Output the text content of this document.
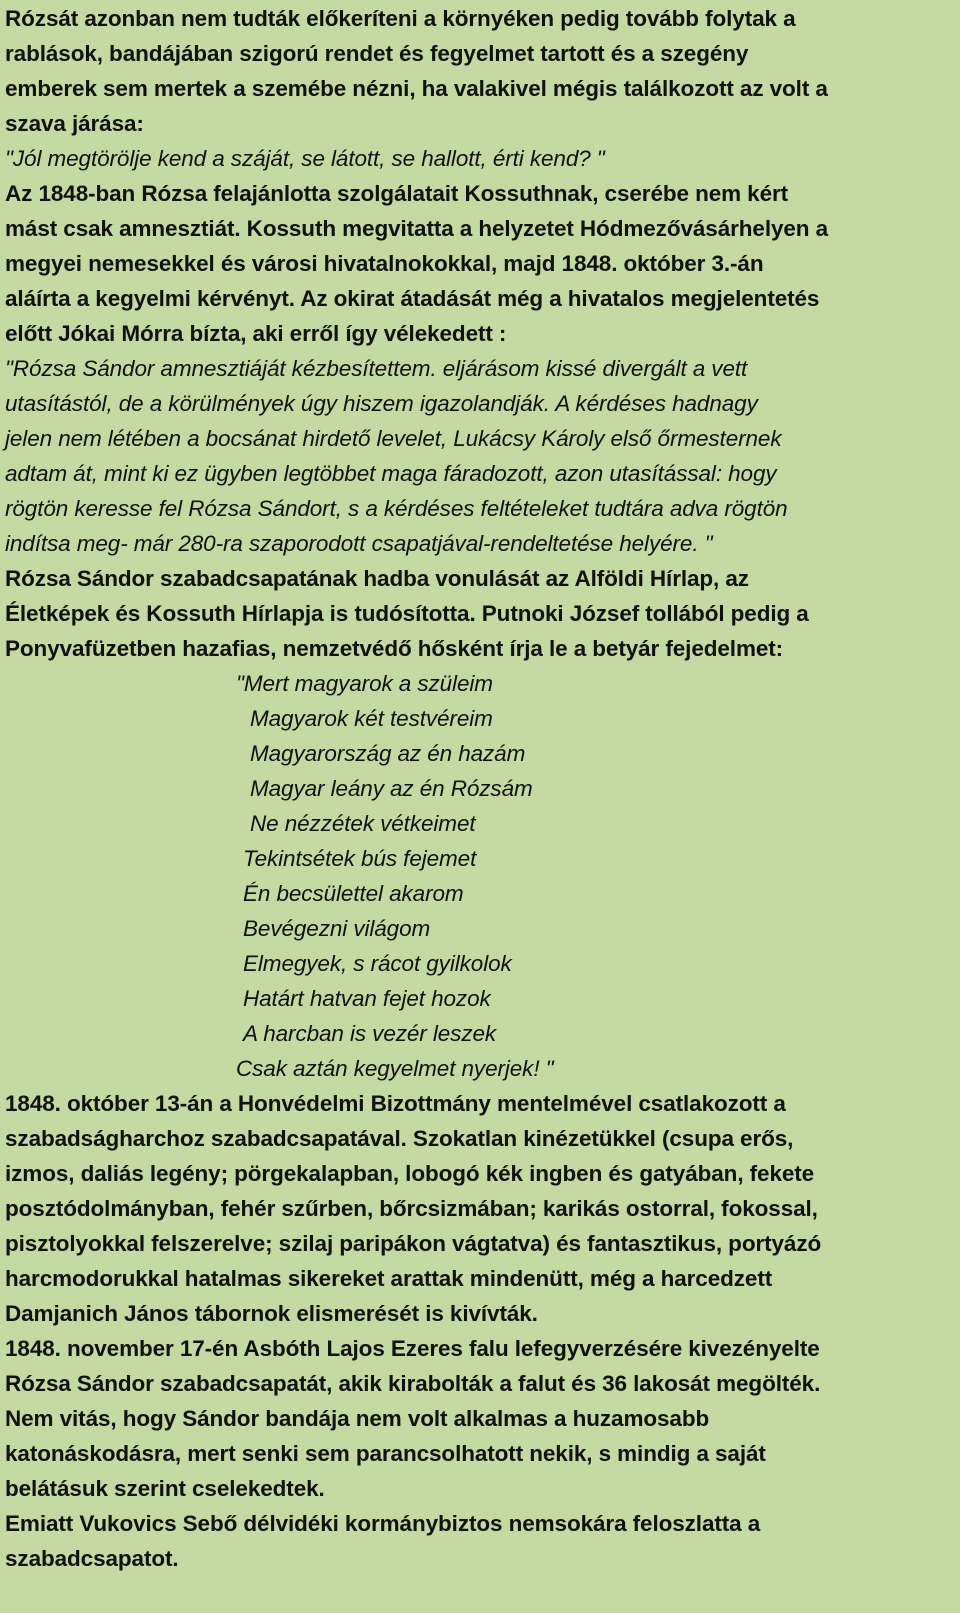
Rózsát azonban nem tudták előkeríteni a környéken pedig tovább folytak a
rablások, bandájában szigorú rendet és fegyelmet tartott és a szegény
emberek sem mertek a szemébe nézni, ha valakivel mégis találkozott az volt a
szava járása:
"Jól megtörölje kend a száját, se látott, se hallott, érti kend? "
Az 1848-ban Rózsa felajánlotta szolgálatait Kossuthnak, cserébe nem kért
mást csak amnesztiát. Kossuth megvitatta a helyzetet Hódmezővásárhelyen a
megyei nemesekkel és városi hivatalnokokkal, majd 1848. október 3.-án
aláírta a kegyelmi kérvényt. Az okirat átadását még a hivatalos megjelentetés
előtt Jókai Mórra bízta, aki erről így vélekedett :
"Rózsa Sándor amnesztiáját kézbesítettem. eljárásom kissé divergált a vett
utasítástól, de a körülmények úgy hiszem igazolandják. A kérdéses hadnagy
jelen nem létében a bocsánat hirdető levelet, Lukácsy Károly első őrmesternek
adtam át, mint ki ez ügyben legtöbbet maga fáradozott, azon utasítással: hogy
rögtön keresse fel Rózsa Sándort, s a kérdéses feltételeket tudtára adva rögtön
indítsa meg- már 280-ra szaporodott csapatjával-rendeltetése helyére. "
Rózsa Sándor szabadcsapatának hadba vonulását az Alföldi Hírlap, az
Életképek és Kossuth Hírlapja is tudósította. Putnoki József tollából pedig a
Ponyvafüzetben hazafias, nemzetvédő hősként írja le a betyár fejedelmet:
"Mert magyarok a szüleim
Magyarok két testvéreim
Magyarország az én hazám
Magyar leány az én Rózsám
Ne nézzétek vétkeimet
Tekintsétek bús fejemet
Én becsülettel akarom
Bevégezni világom
Elmegyek, s rácot gyilkolok
Határt hatvan fejet hozok
A harcban is vezér leszek
Csak aztán kegyelmet nyerjek! "
1848. október 13-án a Honvédelmi Bizottmány mentelmével csatlakozott a
szabadságharchoz szabadcsapatával. Szokatlan kinézetükkel (csupa erős,
izmos, daliás legény; pörgekalapban, lobogó kék ingben és gatyában, fekete
posztódolmányban, fehér szűrben, bőrcsizmában; karikás ostorral, fokossal,
pisztolyokkal felszerelve; szilaj paripákon vágtatva) és fantasztikus, portyázó
harcmodorukkal hatalmas sikereket arattak mindenütt, még a harcedzett
Damjanich János tábornok elismerését is kivívták.
1848. november 17-én Asbóth Lajos Ezeres falu lefegyverzésére kivezényelte
Rózsa Sándor szabadcsapatát, akik kirabolták a falut és 36 lakosát megölték.
Nem vitás, hogy Sándor bandája nem volt alkalmas a huzamosabb
katonáskodásra, mert senki sem parancsolhatott nekik, s mindig a saját
belátásuk szerint cselekedtek.
Emiatt Vukovics Sebő délvidéki kormánybiztos nemsokára feloszlatta a
szabadcsapatot.
